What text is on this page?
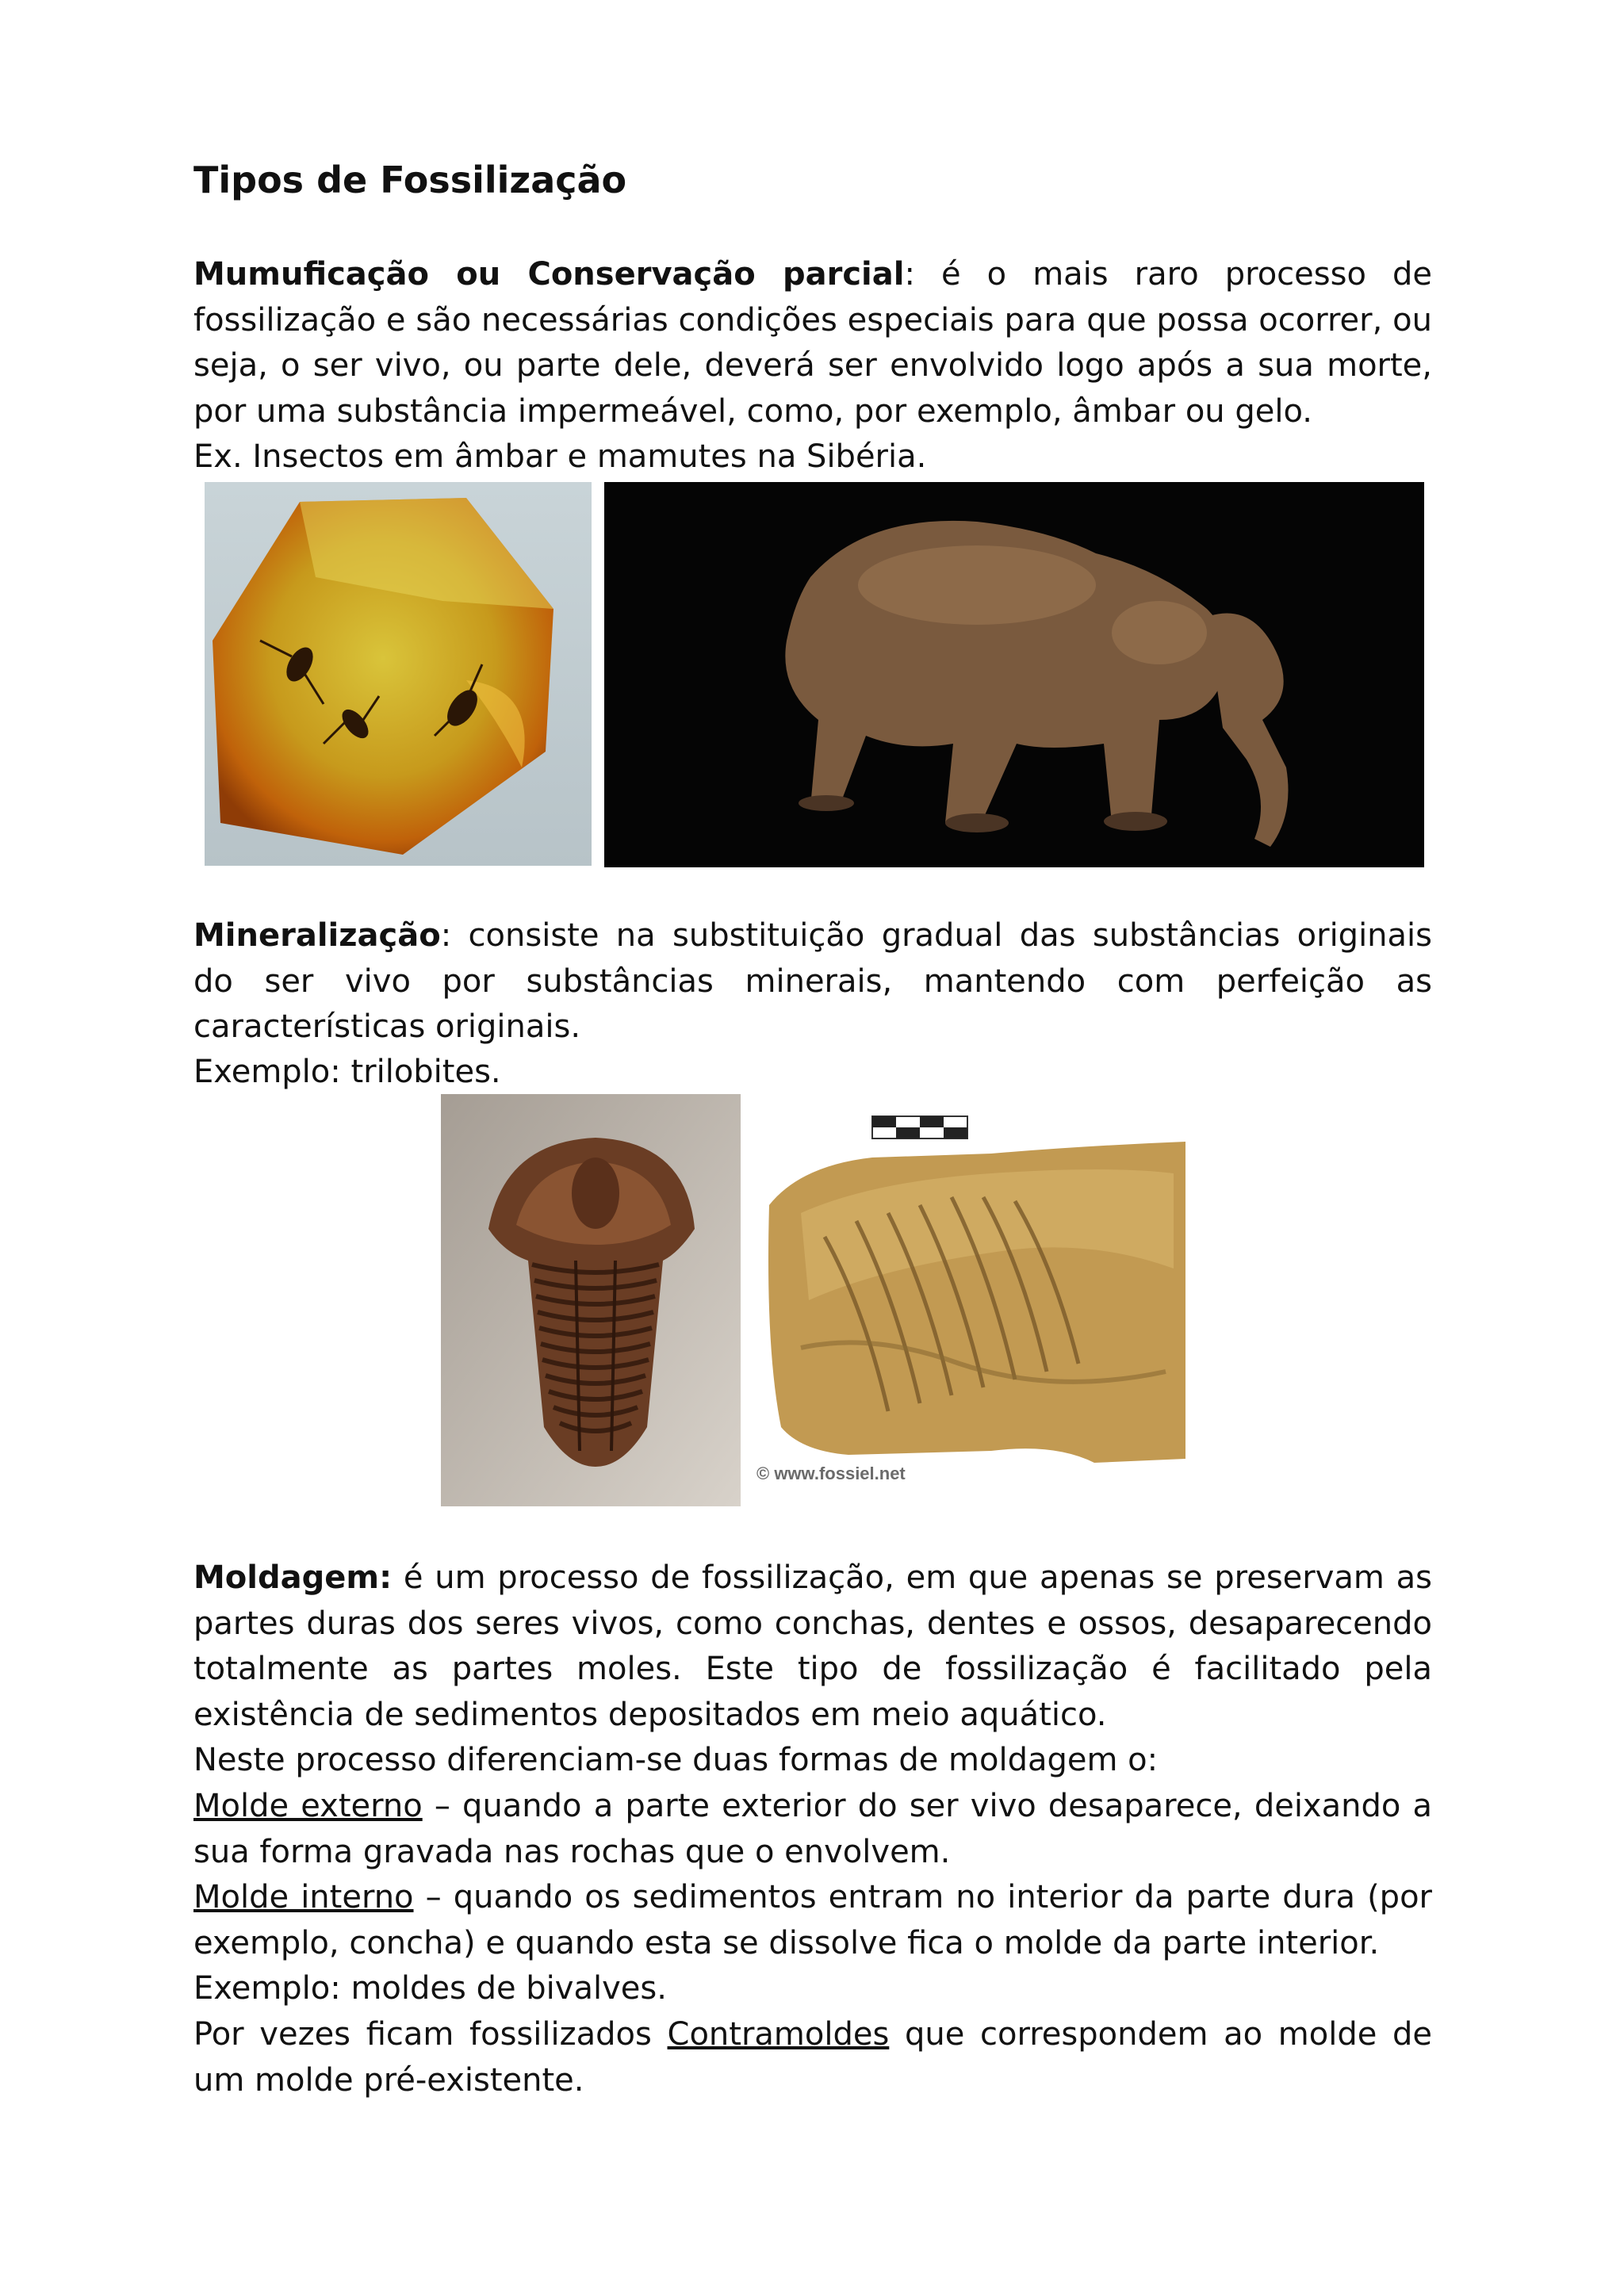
Tipos de Fossilização

Mumuficação ou Conservação parcial: é o mais raro processo de fossilização e são necessárias condições especiais para que possa ocorrer, ou seja, o ser vivo, ou parte dele, deverá ser envolvido logo após a sua morte, por uma substância impermeável, como, por exemplo, âmbar ou gelo.

Ex. Insectos em âmbar e mamutes na Sibéria.

Mineralização: consiste na substituição gradual das substâncias originais do ser vivo por substâncias minerais, mantendo com perfeição as características originais.

Exemplo: trilobites.

© www.fossiel.net

Moldagem: é um processo de fossilização, em que apenas se preservam as partes duras dos seres vivos, como conchas, dentes e ossos, desaparecendo totalmente as partes moles. Este tipo de fossilização é facilitado pela existência de sedimentos depositados em meio aquático.

Neste processo diferenciam-se duas formas de moldagem o:

Molde externo – quando a parte exterior do ser vivo desaparece, deixando a sua forma gravada nas rochas que o envolvem.

Molde interno – quando os sedimentos entram no interior da parte dura (por exemplo, concha) e quando esta se dissolve fica o molde da parte interior.

Exemplo: moldes de bivalves.

Por vezes ficam fossilizados Contramoldes que correspondem ao molde de um molde pré-existente.
